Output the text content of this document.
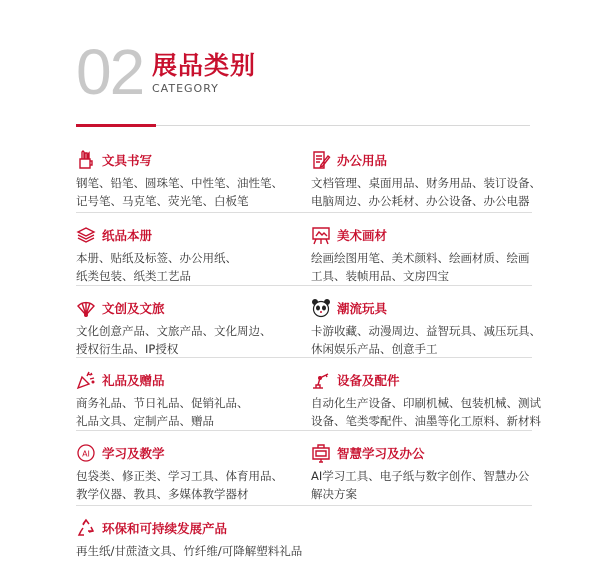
02 展品类别
CATEGORY
文具书写
钢笔、铅笔、圆珠笔、中性笔、油性笔、
记号笔、马克笔、荧光笔、白板笔
办公用品
文档管理、桌面用品、财务用品、装订设备、
电脑周边、办公耗材、办公设备、办公电器
纸品本册
本册、贴纸及标签、办公用纸、
纸类包装、纸类工艺品
美术画材
绘画绘图用笔、美术颜料、绘画材质、绘画
工具、装帧用品、文房四宝
文创及文旅
文化创意产品、文旅产品、文化周边、
授权衍生品、IP授权
潮流玩具
卡游收藏、动漫周边、益智玩具、减压玩具、
休闲娱乐产品、创意手工
礼品及赠品
商务礼品、节日礼品、促销礼品、
礼品文具、定制产品、赠品
设备及配件
自动化生产设备、印刷机械、包装机械、测试
设备、笔类零配件、油墨等化工原料、新材料
AI 学习及教学
包袋类、修正类、学习工具、体育用品、
教学仪器、教具、多媒体教学器材
智慧学习及办公
AI学习工具、电子纸与数字创作、智慧办公
解决方案
环保和可持续发展产品
再生纸/甘蔗渣文具、竹纤维/可降解塑料礼品
